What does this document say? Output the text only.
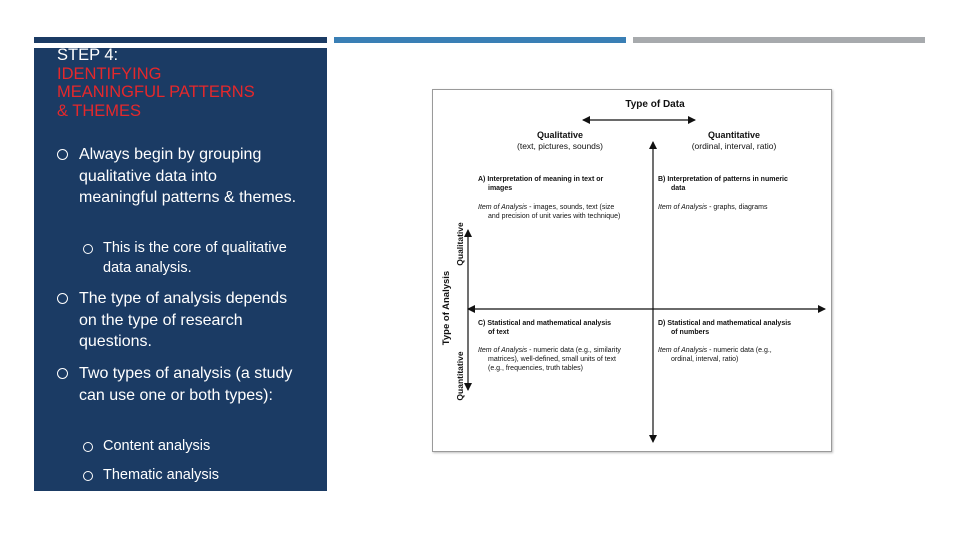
STEP 4:
IDENTIFYING
MEANINGFUL PATTERNS
& THEMES
Always begin by grouping qualitative data into meaningful patterns & themes.
This is the core of qualitative data analysis.
The type of analysis depends on the type of research questions.
Two types of analysis (a study can use one or both types):
Content analysis
Thematic analysis
Type of Data
Qualitative
(text, pictures, sounds)
Quantitative
(ordinal, interval, ratio)
Type of Analysis
Qualitative
Quantitative
A) Interpretation of meaning in text or
images
Item of Analysis - images, sounds, text (size
and precision of unit varies with technique)
B) Interpretation of patterns in numeric
data
Item of Analysis - graphs, diagrams
C) Statistical and mathematical analysis
of text
Item of Analysis - numeric data (e.g., similarity
matrices), well-defined, small units of text
(e.g., frequencies, truth tables)
D) Statistical and mathematical analysis
of numbers
Item of Analysis - numeric data (e.g.,
ordinal, interval, ratio)
